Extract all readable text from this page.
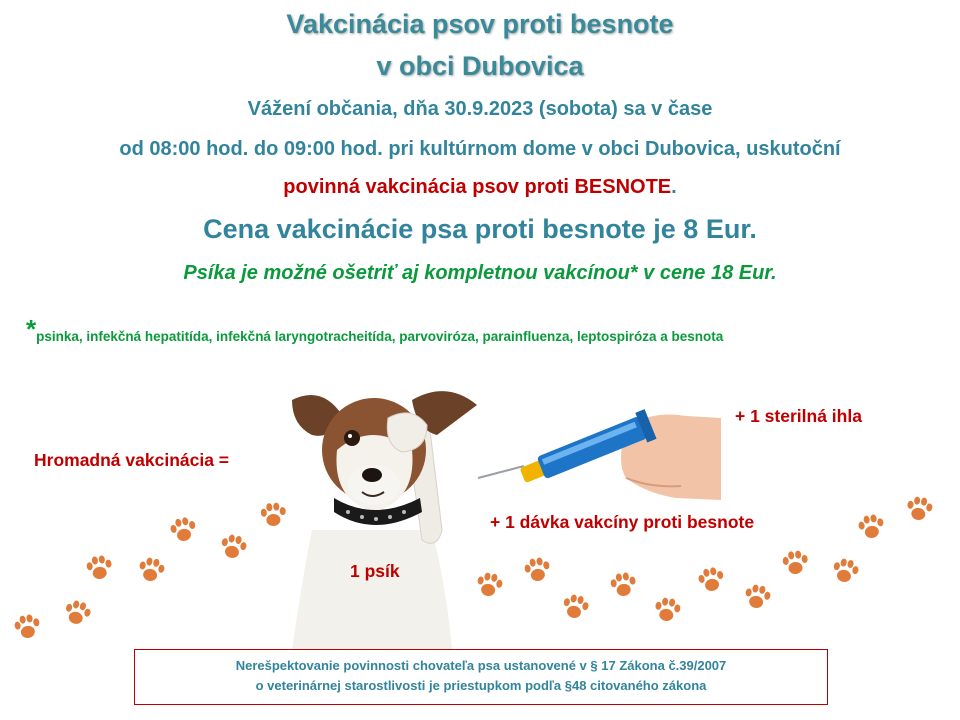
Vakcinácia psov proti besnote
v obci Dubovica
Vážení občania, dňa 30.9.2023 (sobota) sa v čase
od 08:00 hod. do 09:00 hod. pri kultúrnom dome v obci Dubovica, uskutoční
povinná vakcinácia psov proti BESNOTE.
Cena vakcinácie psa proti besnote je 8 Eur.
Psíka je možné ošetriť aj kompletnou vakcínou* v cene 18 Eur.
$*_{psinka, infekčná hepatitída, infekčná laryngotracheitída, parvoviróza, parainfluenza, leptospiróza a besnota}$
Hromadná vakcinácia =
1 psík
+ 1 sterilná ihla
+ 1 dávka vakcíny proti besnote
Nerešpektovanie povinnosti chovateľa psa ustanovené v § 17 Zákona č.39/2007
o veterinárnej starostlivosti je priestupkom podľa §48 citovaného zákona
